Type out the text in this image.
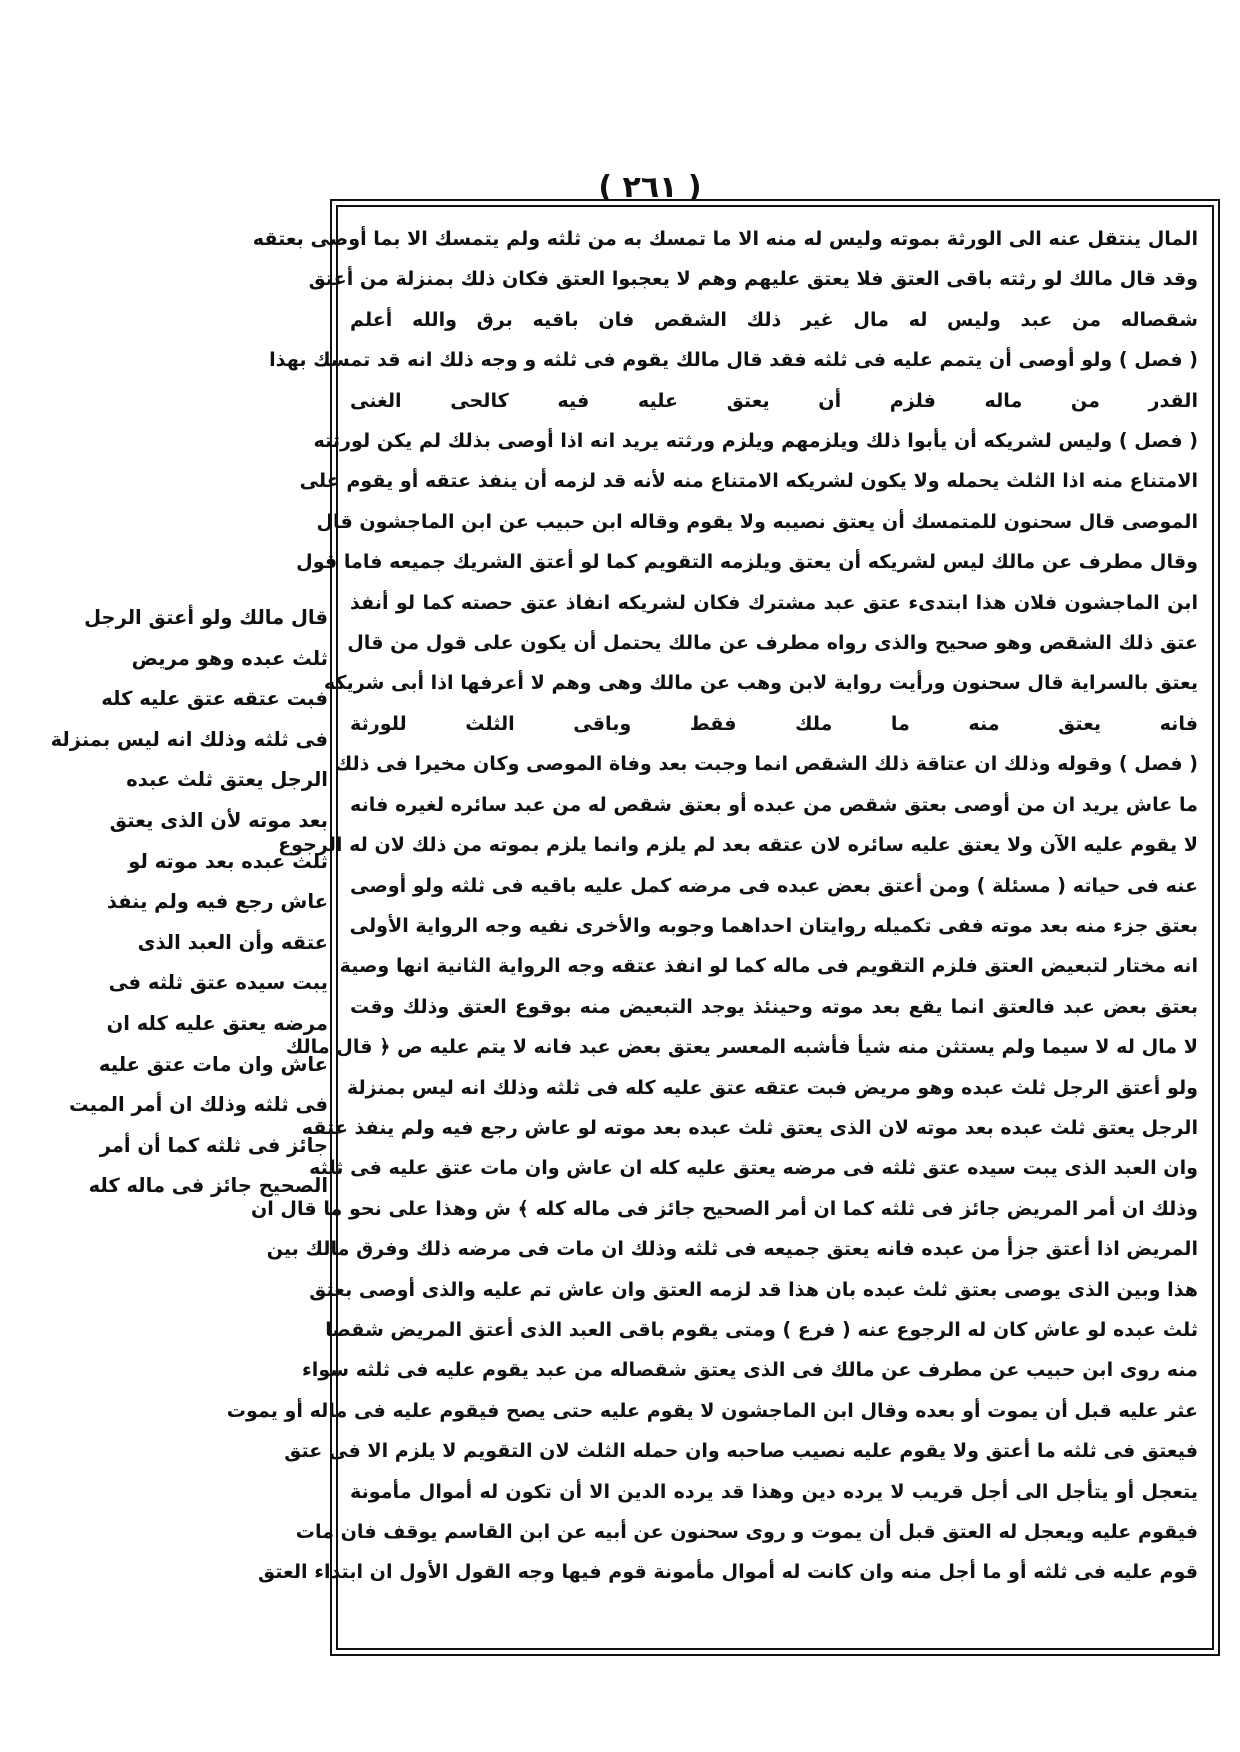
( ٢٦١ )
المال ينتقل عنه الى الورثة بموته وليس له منه الا ما تمسك به من ثلثه ولم يتمسك الا بما أوصى بعتقه
وقد قال مالك لو رثته باقى العتق فلا يعتق عليهم وهم لا يعجبوا العتق فكان ذلك بمنزلة من أعتق
شقصاله من عبد وليس له مال غير ذلك الشقص فان باقيه برق والله أعلم
( فصل ) ولو أوصى أن يتمم عليه فى ثلثه فقد قال مالك يقوم فى ثلثه و وجه ذلك انه قد تمسك بهذا
القدر من ماله فلزم أن يعتق عليه فيه كالحى الغنى
( فصل ) وليس لشريكه أن يأبوا ذلك ويلزمهم ويلزم ورثته يريد انه اذا أوصى بذلك لم يكن لورثته
الامتناع منه اذا الثلث يحمله ولا يكون لشريكه الامتناع منه لأنه قد لزمه أن ينفذ عتقه أو يقوم على
الموصى قال سحنون للمتمسك أن يعتق نصيبه ولا يقوم وقاله ابن حبيب عن ابن الماجشون قال
وقال مطرف عن مالك ليس لشريكه أن يعتق ويلزمه التقويم كما لو أعتق الشريك جميعه فاما قول
ابن الماجشون فلان هذا ابتدىء عتق عبد مشترك فكان لشريكه انفاذ عتق حصته كما لو أنفذ
عتق ذلك الشقص وهو صحيح والذى رواه مطرف عن مالك يحتمل أن يكون على قول من قال
يعتق بالسراية قال سحنون ورأيت رواية لابن وهب عن مالك وهى وهم لا أعرفها اذا أبى شريكه
فانه يعتق منه ما ملك فقط وباقى الثلث للورثة
( فصل ) وقوله وذلك ان عتاقة ذلك الشقص انما وجبت بعد وفاة الموصى وكان مخيرا فى ذلك
ما عاش يريد ان من أوصى بعتق شقص من عبده أو بعتق شقص له من عبد سائره لغيره فانه
لا يقوم عليه الآن ولا يعتق عليه سائره لان عتقه بعد لم يلزم وانما يلزم بموته من ذلك لان له الرجوع
عنه فى حياته ( مسئلة ) ومن أعتق بعض عبده فى مرضه كمل عليه باقيه فى ثلثه ولو أوصى
بعتق جزء منه بعد موته ففى تكميله روايتان احداهما وجوبه والأخرى نفيه وجه الرواية الأولى
انه مختار لتبعيض العتق فلزم التقويم فى ماله كما لو انفذ عتقه وجه الرواية الثانية انها وصية
بعتق بعض عبد فالعتق انما يقع بعد موته وحينئذ يوجد التبعيض منه بوقوع العتق وذلك وقت
لا مال له لا سيما ولم يستثن منه شيأ فأشبه المعسر يعتق بعض عبد فانه لا يتم عليه ص ﴿ قال مالك
ولو أعتق الرجل ثلث عبده وهو مريض فبت عتقه عتق عليه كله فى ثلثه وذلك انه ليس بمنزلة
الرجل يعتق ثلث عبده بعد موته لان الذى يعتق ثلث عبده بعد موته لو عاش رجع فيه ولم ينفذ عتقه
وان العبد الذى يبت سيده عتق ثلثه فى مرضه يعتق عليه كله ان عاش وان مات عتق عليه فى ثلثه
وذلك ان أمر المريض جائز فى ثلثه كما ان أمر الصحيح جائز فى ماله كله ﴾ ش وهذا على نحو ما قال ان
المريض اذا أعتق جزأ من عبده فانه يعتق جميعه فى ثلثه وذلك ان مات فى مرضه ذلك وفرق مالك بين
هذا وبين الذى يوصى بعتق ثلث عبده بان هذا قد لزمه العتق وان عاش تم عليه والذى أوصى بعتق
ثلث عبده لو عاش كان له الرجوع عنه ( فرع ) ومتى يقوم باقى العبد الذى أعتق المريض شقصا
منه روى ابن حبيب عن مطرف عن مالك فى الذى يعتق شقصاله من عبد يقوم عليه فى ثلثه سواء
عثر عليه قبل أن يموت أو بعده وقال ابن الماجشون لا يقوم عليه حتى يصح فيقوم عليه فى ماله أو يموت
فيعتق فى ثلثه ما أعتق ولا يقوم عليه نصيب صاحبه وان حمله الثلث لان التقويم لا يلزم الا فى عتق
يتعجل أو يتأجل الى أجل قريب لا يرده دين وهذا قد يرده الدين الا أن تكون له أموال مأمونة
فيقوم عليه ويعجل له العتق قبل أن يموت و روى سحنون عن أبيه عن ابن القاسم يوقف فان مات
قوم عليه فى ثلثه أو ما أجل منه وان كانت له أموال مأمونة قوم فيها وجه القول الأول ان ابتداء العتق
قال مالك ولو أعتق الرجل
ثلث عبده وهو مريض
فبت عتقه عتق عليه كله
فى ثلثه وذلك انه ليس بمنزلة
الرجل يعتق ثلث عبده
بعد موته لأن الذى يعتق
ثلث عبده بعد موته لو
عاش رجع فيه ولم ينفذ
عتقه وأن العبد الذى
يبت سيده عتق ثلثه فى
مرضه يعتق عليه كله ان
عاش وان مات عتق عليه
فى ثلثه وذلك ان أمر الميت
جائز فى ثلثه كما أن أمر
الصحيح جائز فى ماله كله
